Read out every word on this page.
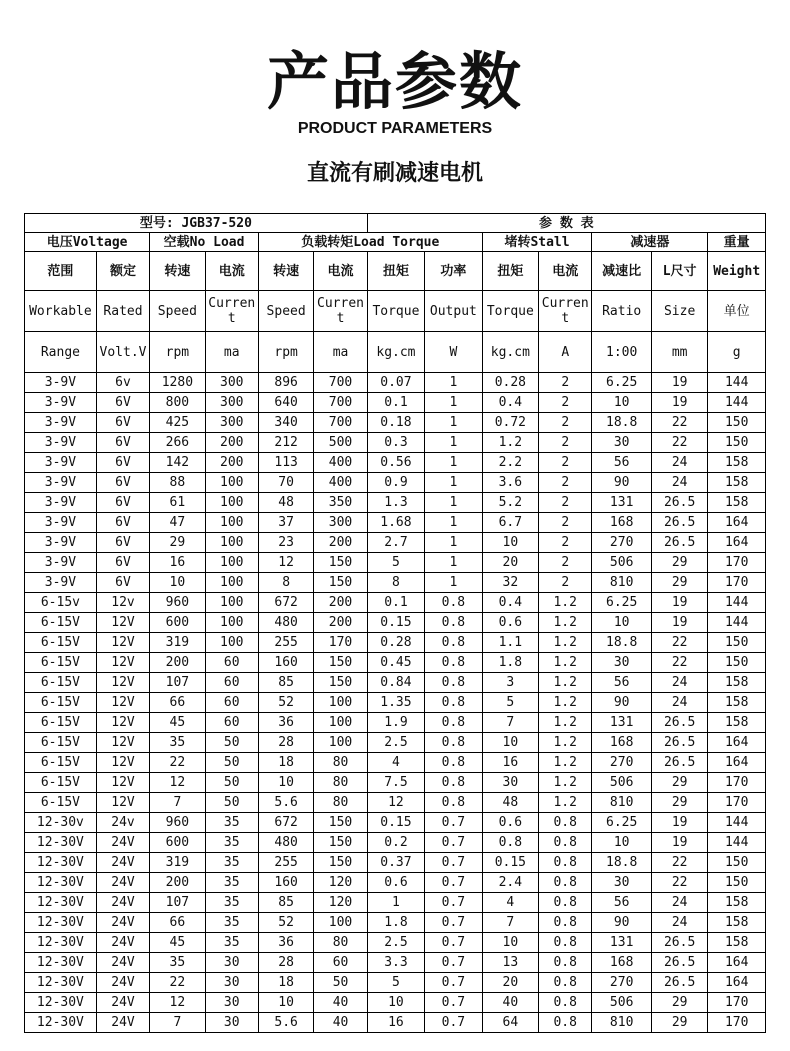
产品参数
PRODUCT PARAMETERS
直流有刷减速电机
型号: JGB37-520						参 数 表						
电压Voltage		空载No Load		负载转矩Load Torque				堵转Stall		减速器		重量
范围	额定	转速	电流	转速	电流	扭矩	功率	扭矩	电流	减速比	L尺寸	Weight
Workable	Rated	Speed	Current	Speed	Current	Torque	Output	Torque	Current	Ratio	Size	单位
Range	Volt.V	rpm	ma	rpm	ma	kg.cm	W	kg.cm	A	1:00	mm	g
3-9V	6v	1280	300	896	700	0.07	1	0.28	2	6.25	19	144
3-9V	6V	800	300	640	700	0.1	1	0.4	2	10	19	144
3-9V	6V	425	300	340	700	0.18	1	0.72	2	18.8	22	150
3-9V	6V	266	200	212	500	0.3	1	1.2	2	30	22	150
3-9V	6V	142	200	113	400	0.56	1	2.2	2	56	24	158
3-9V	6V	88	100	70	400	0.9	1	3.6	2	90	24	158
3-9V	6V	61	100	48	350	1.3	1	5.2	2	131	26.5	158
3-9V	6V	47	100	37	300	1.68	1	6.7	2	168	26.5	164
3-9V	6V	29	100	23	200	2.7	1	10	2	270	26.5	164
3-9V	6V	16	100	12	150	5	1	20	2	506	29	170
3-9V	6V	10	100	8	150	8	1	32	2	810	29	170
6-15v	12v	960	100	672	200	0.1	0.8	0.4	1.2	6.25	19	144
6-15V	12V	600	100	480	200	0.15	0.8	0.6	1.2	10	19	144
6-15V	12V	319	100	255	170	0.28	0.8	1.1	1.2	18.8	22	150
6-15V	12V	200	60	160	150	0.45	0.8	1.8	1.2	30	22	150
6-15V	12V	107	60	85	150	0.84	0.8	3	1.2	56	24	158
6-15V	12V	66	60	52	100	1.35	0.8	5	1.2	90	24	158
6-15V	12V	45	60	36	100	1.9	0.8	7	1.2	131	26.5	158
6-15V	12V	35	50	28	100	2.5	0.8	10	1.2	168	26.5	164
6-15V	12V	22	50	18	80	4	0.8	16	1.2	270	26.5	164
6-15V	12V	12	50	10	80	7.5	0.8	30	1.2	506	29	170
6-15V	12V	7	50	5.6	80	12	0.8	48	1.2	810	29	170
12-30v	24v	960	35	672	150	0.15	0.7	0.6	0.8	6.25	19	144
12-30V	24V	600	35	480	150	0.2	0.7	0.8	0.8	10	19	144
12-30V	24V	319	35	255	150	0.37	0.7	0.15	0.8	18.8	22	150
12-30V	24V	200	35	160	120	0.6	0.7	2.4	0.8	30	22	150
12-30V	24V	107	35	85	120	1	0.7	4	0.8	56	24	158
12-30V	24V	66	35	52	100	1.8	0.7	7	0.8	90	24	158
12-30V	24V	45	35	36	80	2.5	0.7	10	0.8	131	26.5	158
12-30V	24V	35	30	28	60	3.3	0.7	13	0.8	168	26.5	164
12-30V	24V	22	30	18	50	5	0.7	20	0.8	270	26.5	164
12-30V	24V	12	30	10	40	10	0.7	40	0.8	506	29	170
12-30V	24V	7	30	5.6	40	16	0.7	64	0.8	810	29	170
